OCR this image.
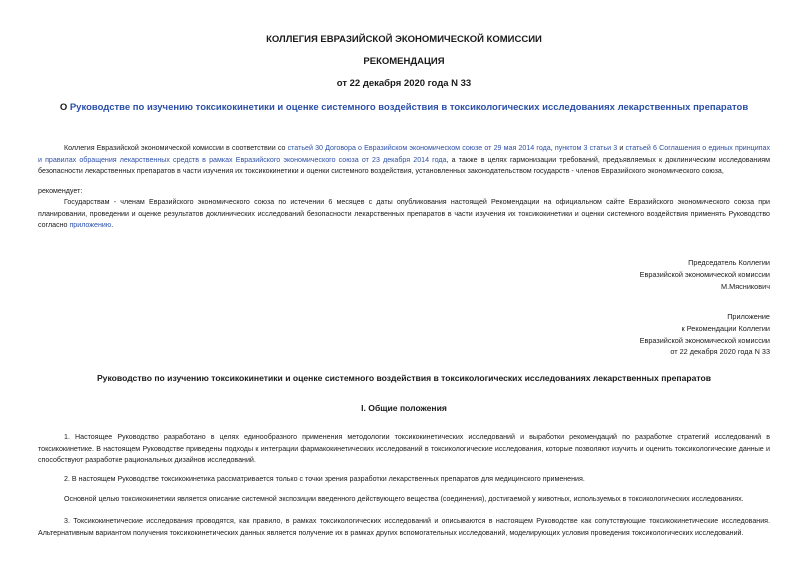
КОЛЛЕГИЯ ЕВРАЗИЙСКОЙ ЭКОНОМИЧЕСКОЙ КОМИССИИ
РЕКОМЕНДАЦИЯ
от 22 декабря 2020 года N 33
О Руководстве по изучению токсикокинетики и оценке системного воздействия в токсикологических исследованиях лекарственных препаратов
Коллегия Евразийской экономической комиссии в соответствии со статьей 30 Договора о Евразийском экономическом союзе от 29 мая 2014 года, пунктом 3 статьи 3 и статьей 6 Соглашения о единых принципах и правилах обращения лекарственных средств в рамках Евразийского экономического союза от 23 декабря 2014 года, а также в целях гармонизации требований, предъявляемых к доклиническим исследованиям безопасности лекарственных препаратов в части изучения их токсикокинетики и оценки системного воздействия, установленных законодательством государств - членов Евразийского экономического союза,
рекомендует:
Государствам - членам Евразийского экономического союза по истечении 6 месяцев с даты опубликования настоящей Рекомендации на официальном сайте Евразийского экономического союза при планировании, проведении и оценке результатов доклинических исследований безопасности лекарственных препаратов в части изучения их токсикокинетики и оценки системного воздействия применять Руководство согласно приложению.
Председатель Коллегии
Евразийской экономической комиссии
М.Мясникович
Приложение
к Рекомендации Коллегии
Евразийской экономической комиссии
от 22 декабря 2020 года N 33
Руководство по изучению токсикокинетики и оценке системного воздействия в токсикологических исследованиях лекарственных препаратов
I. Общие положения
1. Настоящее Руководство разработано в целях единообразного применения методологии токсикокинетических исследований и выработки рекомендаций по разработке стратегий исследований в токсикокинетике. В настоящем Руководстве приведены подходы к интеграции фармакокинетических исследований в токсикологические исследования, которые позволяют изучить и оценить токсикологические данные и способствуют разработке рациональных дизайнов исследований.
2. В настоящем Руководстве токсикокинетика рассматривается только с точки зрения разработки лекарственных препаратов для медицинского применения.
Основной целью токсикокинетики является описание системной экспозиции введенного действующего вещества (соединения), достигаемой у животных, используемых в токсикологических исследованиях.
3. Токсикокинетические исследования проводятся, как правило, в рамках токсикологических исследований и описываются в настоящем Руководстве как сопутствующие токсикокинетические исследования. Альтернативным вариантом получения токсикокинетических данных является получение их в рамках других вспомогательных исследований, моделирующих условия проведения токсикологических исследований.
